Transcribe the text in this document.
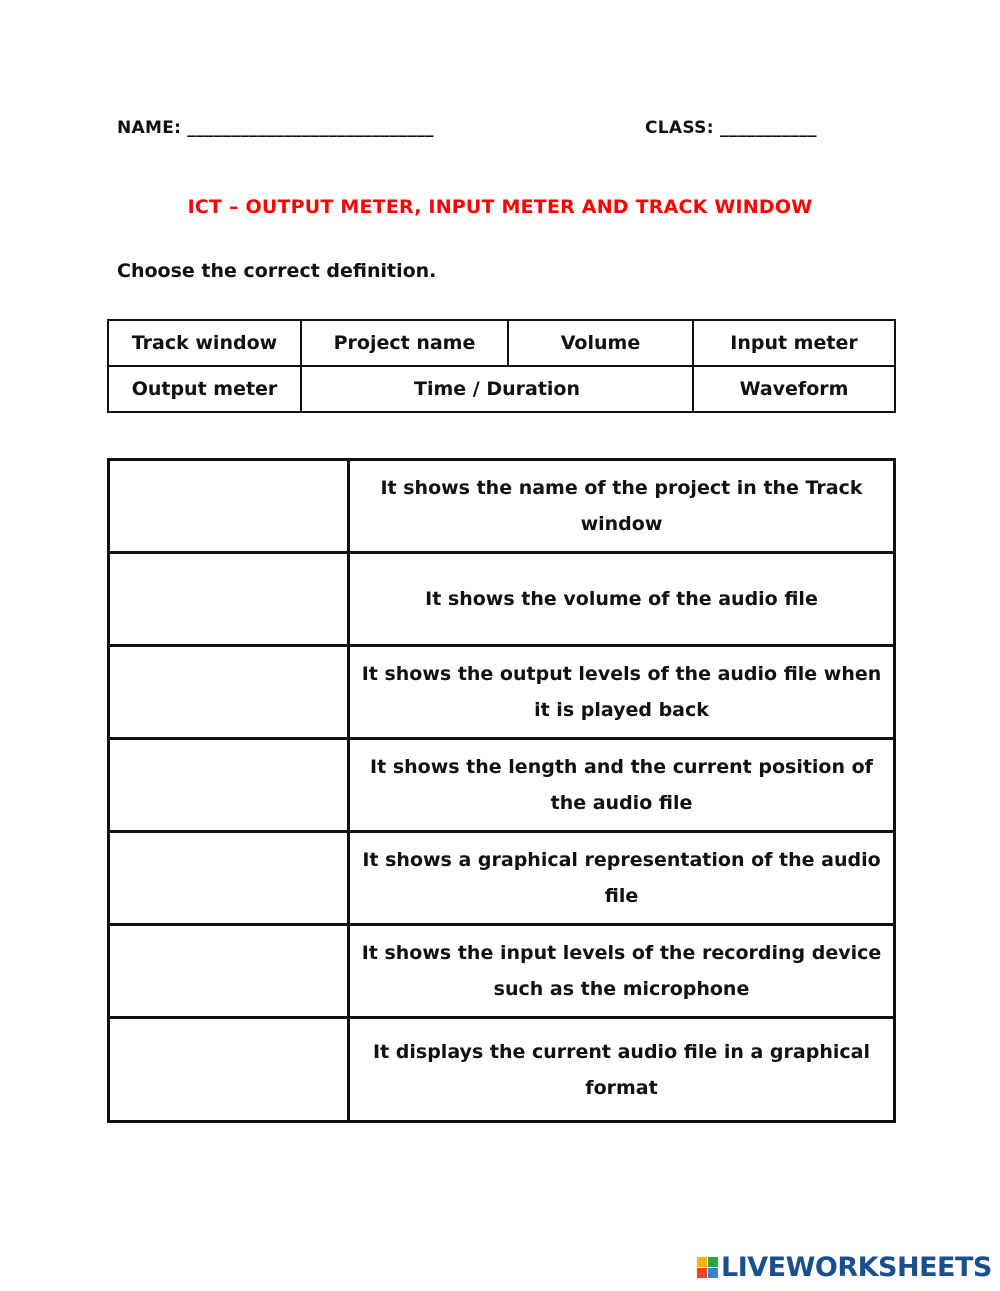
NAME: ____________________________	CLASS: ___________
ICT – OUTPUT METER, INPUT METER AND TRACK WINDOW
Choose the correct definition.
Track window	Project name	Volume	Input meter
Output meter	Time / Duration		Waveform
	It shows the name of the project in the Track window
	It shows the volume of the audio file
	It shows the output levels of the audio file when it is played back
	It shows the length and the current position of the audio file
	It shows a graphical representation of the audio file
	It shows the input levels of the recording device such as the microphone
	It displays the current audio file in a graphical format
LIVEWORKSHEETS
